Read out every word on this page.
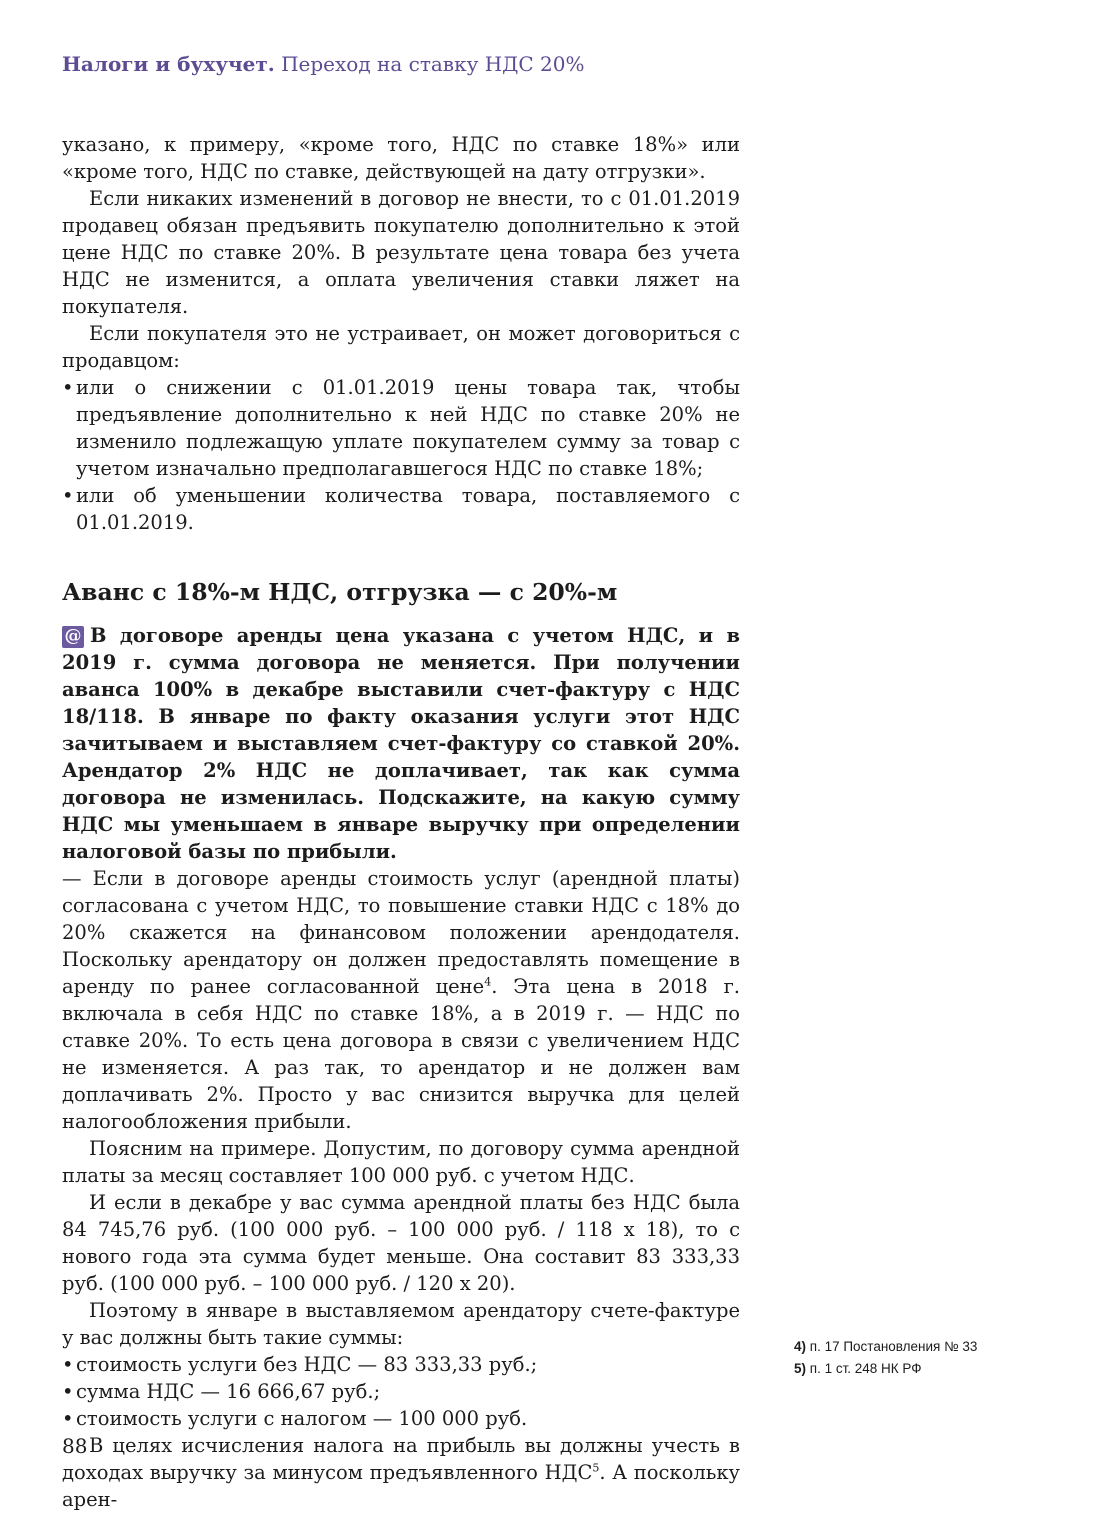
Налоги и бухучет. Переход на ставку НДС 20%

указано, к примеру, «кроме того, НДС по ставке 18%» или «кроме того, НДС по ставке, действующей на дату отгрузки».

Если никаких изменений в договор не внести, то с 01.01.2019 продавец обязан предъявить покупателю дополнительно к этой цене НДС по ставке 20%. В результате цена товара без учета НДС не изменится, а оплата увеличения ставки ляжет на покупателя.

Если покупателя это не устраивает, он может договориться с продавцом:

• или о снижении с 01.01.2019 цены товара так, чтобы предъявление дополнительно к ней НДС по ставке 20% не изменило подлежащую уплате покупателем сумму за товар с учетом изначально предполагавшегося НДС по ставке 18%;
• или об уменьшении количества товара, поставляемого с 01.01.2019.
Аванс с 18%-м НДС, отгрузка — с 20%-м

@ В договоре аренды цена указана с учетом НДС, и в 2019 г. сумма договора не меняется. При получении аванса 100% в декабре выставили счет-фактуру с НДС 18/118. В январе по факту оказания услуги этот НДС зачитываем и выставляем счет-фактуру со ставкой 20%. Арендатор 2% НДС не доплачивает, так как сумма договора не изменилась. Подскажите, на какую сумму НДС мы уменьшаем в январе выручку при определении налоговой базы по прибыли.

— Если в договоре аренды стоимость услуг (арендной платы) согласована с учетом НДС, то повышение ставки НДС с 18% до 20% скажется на финансовом положении арендодателя. Поскольку арендатору он должен предоставлять помещение в аренду по ранее согласованной цене$^4$. Эта цена в 2018 г. включала в себя НДС по ставке 18%, а в 2019 г. — НДС по ставке 20%. То есть цена договора в связи с увеличением НДС не изменяется. А раз так, то арендатор и не должен вам доплачивать 2%. Просто у вас снизится выручка для целей налогообложения прибыли.

Поясним на примере. Допустим, по договору сумма арендной платы за месяц составляет 100 000 руб. с учетом НДС.

И если в декабре у вас сумма арендной платы без НДС была 84 745,76 руб. (100 000 руб. – 100 000 руб. / 118 х 18), то с нового года эта сумма будет меньше. Она составит 83 333,33 руб. (100 000 руб. – 100 000 руб. / 120 х 20).

Поэтому в январе в выставляемом арендатору счете-фактуре у вас должны быть такие суммы:

• стоимость услуги без НДС — 83 333,33 руб.;
• сумма НДС — 16 666,67 руб.;
• стоимость услуги с налогом — 100 000 руб.

В целях исчисления налога на прибыль вы должны учесть в доходах выручку за минусом предъявленного НДС$^5$. А поскольку арен-

4) п. 17 Постановления № 33
5) п. 1 ст. 248 НК РФ
88
